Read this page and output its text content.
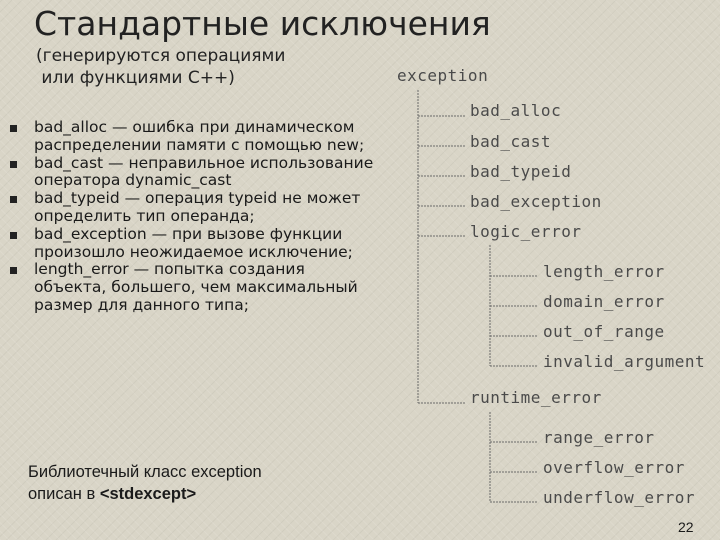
Стандартные исключения
(генерируются операциями
или функциями С++)
bad_alloc — ошибка при динамическом распределении памяти с помощью new;
bad_cast — неправильное использование оператора dynamic_cast
bad_typeid — операция typeid не может определить тип операнда;
bad_exception — при вызове функции произошло неожидаемое исключение;
length_error — попытка создания объекта, большего, чем максимальный размер для данного типа;
Библиотечный класс exception
описан в <stdexcept>
exception
bad_alloc
bad_cast
bad_typeid
bad_exception
logic_error
length_error
domain_error
out_of_range
invalid_argument
runtime_error
range_error
overflow_error
underflow_error
22
